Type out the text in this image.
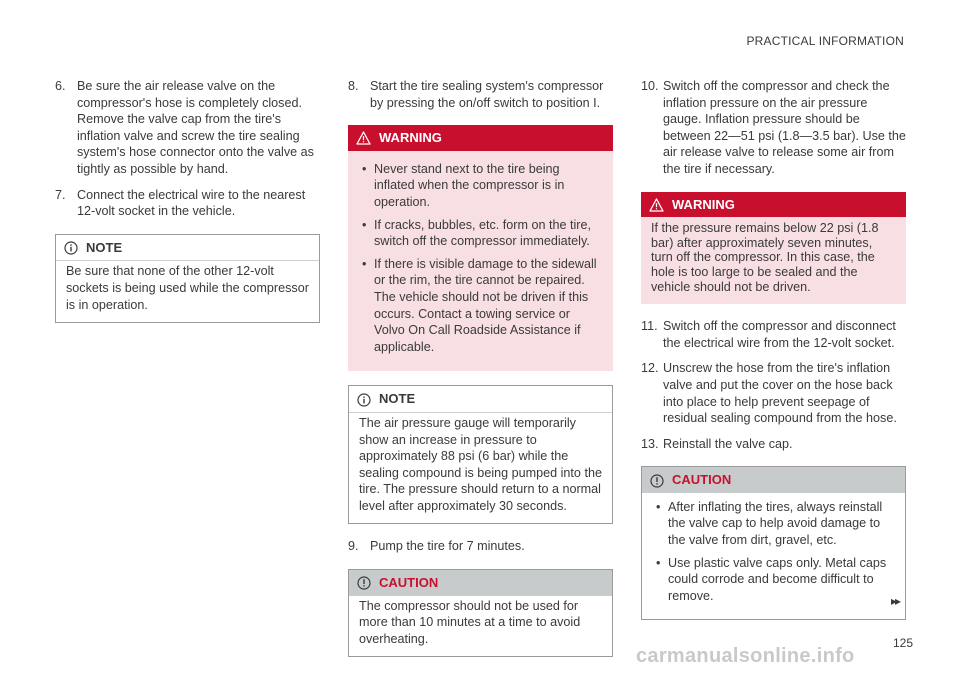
PRACTICAL INFORMATION
6. Be sure the air release valve on the compressor's hose is completely closed. Remove the valve cap from the tire's inflation valve and screw the tire sealing system's hose connector onto the valve as tightly as possible by hand.
7. Connect the electrical wire to the nearest 12-volt socket in the vehicle.
NOTE
Be sure that none of the other 12-volt sockets is being used while the compressor is in operation.
8. Start the tire sealing system's compressor by pressing the on/off switch to position I.
WARNING
• Never stand next to the tire being inflated when the compressor is in operation.
• If cracks, bubbles, etc. form on the tire, switch off the compressor immediately.
• If there is visible damage to the sidewall or the rim, the tire cannot be repaired. The vehicle should not be driven if this occurs. Contact a towing service or Volvo On Call Roadside Assistance if applicable.
NOTE
The air pressure gauge will temporarily show an increase in pressure to approximately 88 psi (6 bar) while the sealing compound is being pumped into the tire. The pressure should return to a normal level after approximately 30 seconds.
9. Pump the tire for 7 minutes.
CAUTION
The compressor should not be used for more than 10 minutes at a time to avoid overheating.
10. Switch off the compressor and check the inflation pressure on the air pressure gauge. Inflation pressure should be between 22—51 psi (1.8—3.5 bar). Use the air release valve to release some air from the tire if necessary.
WARNING
If the pressure remains below 22 psi (1.8 bar) after approximately seven minutes, turn off the compressor. In this case, the hole is too large to be sealed and the vehicle should not be driven.
11. Switch off the compressor and disconnect the electrical wire from the 12-volt socket.
12. Unscrew the hose from the tire's inflation valve and put the cover on the hose back into place to help prevent seepage of residual sealing compound from the hose.
13. Reinstall the valve cap.
CAUTION
• After inflating the tires, always reinstall the valve cap to help avoid damage to the valve from dirt, gravel, etc.
• Use plastic valve caps only. Metal caps could corrode and become difficult to remove.	▸▸
125
carmanualsonline.info
